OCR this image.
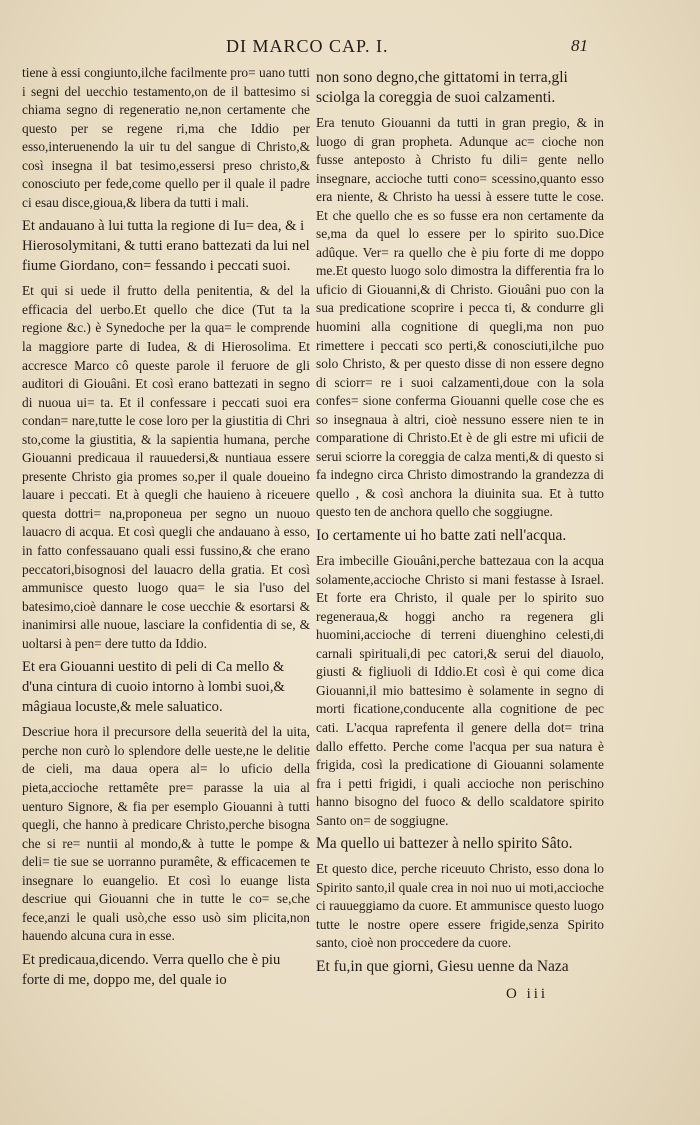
DI MARCO CAP. I.	81

tiene à essi congiunto,ilche facilmente pro= uano tutti i segni del uecchio testamento,on de il battesimo si chiama segno di regeneratio ne,non certamente che questo per se regene ri,ma che Iddio per esso,interuenendo la uir tu del sangue di Christo,& così insegna il bat tesimo,essersi preso christo,& conosciuto per fede,come quello per il quale il padre ci esau disce,gioua,& libera da tutti i mali.

Et andauano à lui tutta la regione di Iu= dea, & i Hierosolymitani, & tutti erano battezati da lui nel fiume Giordano, con= fessando i peccati suoi.

Et qui si uede il frutto della penitentia, & del la efficacia del uerbo.Et quello che dice (Tut ta la regione &c.) è Synedoche per la qua= le comprende la maggiore parte di Iudea, & di Hierosolima. Et accresce Marco cô queste parole il feruore de gli auditori di Giouâni. Et così erano battezati in segno di nuoua ui= ta. Et il confessare i peccati suoi era condan= nare,tutte le cose loro per la giustitia di Chri sto,come la giustitia, & la sapientia humana, perche Giouanni predicaua il rauuedersi,& nuntiaua essere presente Christo gia promes so,per il quale doueino lauare i peccati. Et à quegli che hauieno à riceuere questa dottri= na,proponeua per segno un nuouo lauacro di acqua. Et così quegli che andauano à esso, in fatto confessauano quali essi fussino,& che erano peccatori,bisognosi del lauacro della gratia. Et così ammunisce questo luogo qua= le sia l'uso del batesimo,cioè dannare le cose uecchie & esortarsi & inanimirsi alle nuoue, lasciare la confidentia di se, & uoltarsi à pen= dere tutto da Iddio.

Et era Giouanni uestito di peli di Ca mello & d'una cintura di cuoio intorno à lombi suoi,& mâgiaua locuste,& mele saluatico.

Descriue hora il precursore della seuerità del la uita, perche non curò lo splendore delle ueste,ne le delitie de cieli, ma daua opera al= lo uficio della pieta,accioche rettamête pre= parasse la uia al uenturo Signore, & fia per esemplo Giouanni à tutti quegli, che hanno à predicare Christo,perche bisogna che si re= nuntii al mondo,& à tutte le pompe & deli= tie sue se uorranno puramête, & efficacemen te insegnare lo euangelio. Et così lo euange lista descriue qui Giouanni che in tutte le co= se,che fece,anzi le quali usò,che esso usò sim plicita,non hauendo alcuna cura in esse.

Et predicaua,dicendo. Verra quello che è piu forte di me, doppo me, del quale io

non sono degno,che gittatomi in terra,gli sciolga la coreggia de suoi calzamenti.

Era tenuto Giouanni da tutti in gran pregio, & in luogo di gran propheta. Adunque ac= cioche non fusse anteposto à Christo fu dili= gente nello insegnare, accioche tutti cono= scessino,quanto esso era niente, & Christo ha uessi à essere tutte le cose. Et che quello che es so fusse era non certamente da se,ma da quel lo essere per lo spirito suo.Dice adûque. Ver= ra quello che è piu forte di me doppo me.Et questo luogo solo dimostra la differentia fra lo uficio di Giouanni,& di Christo. Giouâni puo con la sua predicatione scoprire i pecca ti, & condurre gli huomini alla cognitione di quegli,ma non puo rimettere i peccati sco perti,& conosciuti,ilche puo solo Christo, & per questo disse di non essere degno di sciorr= re i suoi calzamenti,doue con la sola confes= sione conferma Giouanni quelle cose che es so insegnaua à altri, cioè nessuno essere nien te in comparatione di Christo.Et è de gli estre mi uficii de serui sciorre la coreggia de calza menti,& di questo si fa indegno circa Christo dimostrando la grandezza di quello , & così anchora la diuinita sua. Et à tutto questo ten de anchora quello che soggiugne.

Io certamente ui ho batte zati nell'acqua.

Era imbecille Giouâni,perche battezaua con la acqua solamente,accioche Christo si mani festasse à Israel. Et forte era Christo, il quale per lo spirito suo regeneraua,& hoggi ancho ra regenera gli huomini,accioche di terreni diuenghino celesti,di carnali spirituali,di pec catori,& serui del diauolo, giusti & figliuoli di Iddio.Et così è qui come dica Giouanni,il mio battesimo è solamente in segno di morti ficatione,conducente alla cognitione de pec cati. L'acqua raprefenta il genere della dot= trina dallo effetto. Perche come l'acqua per sua natura è frigida, così la predicatione di Giouanni solamente fra i petti frigidi, i quali accioche non perischino hanno bisogno del fuoco & dello scaldatore spirito Santo on= de soggiugne.

Ma quello ui battezer à nello spirito Sâto.

Et questo dice, perche riceuuto Christo, esso dona lo Spirito santo,il quale crea in noi nuo ui moti,accioche ci rauueggiamo da cuore. Et ammunisce questo luogo tutte le nostre opere essere frigide,senza Spirito santo, cioè non proccedere da cuore.

Et fu,in que giorni, Giesu uenne da Naza

O iii
